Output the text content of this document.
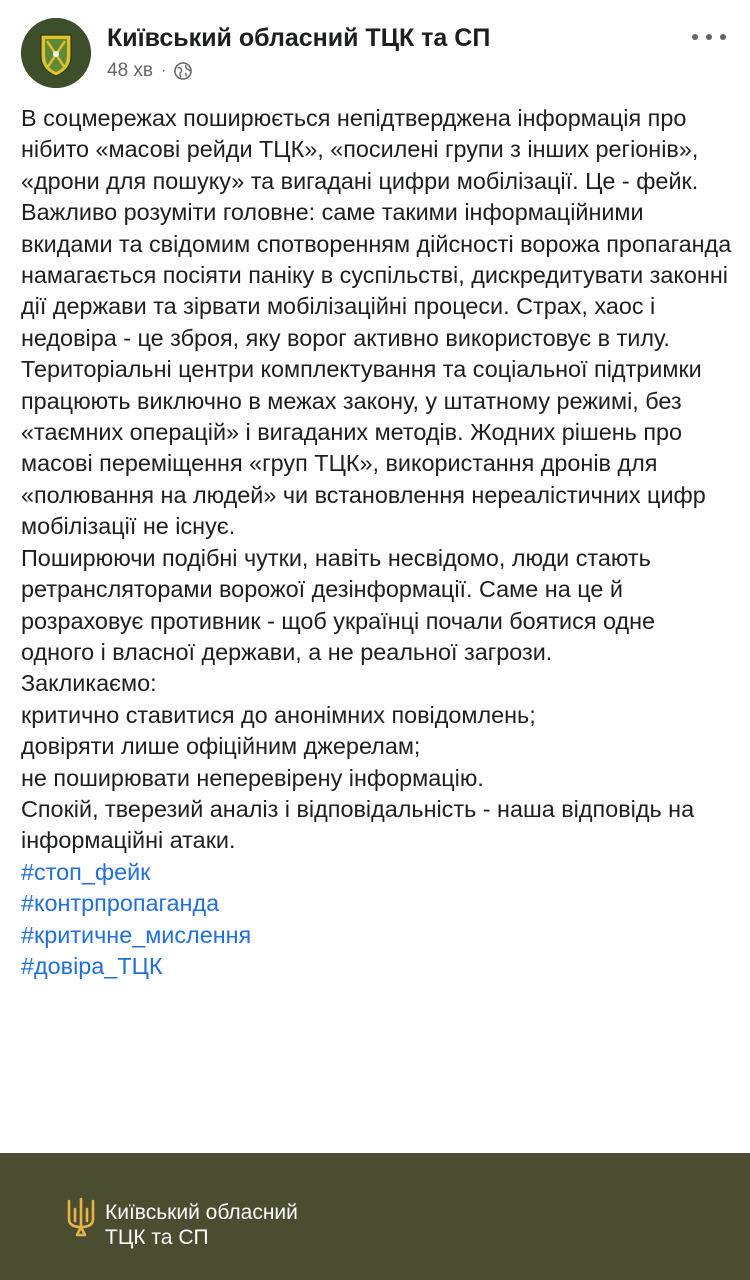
Київський обласний ТЦК та СП
48 хв ·

В соцмережах поширюється непідтверджена інформація про нібито «масові рейди ТЦК», «посилені групи з інших регіонів», «дрони для пошуку» та вигадані цифри мобілізації. Це - фейк.

Важливо розуміти головне: саме такими інформаційними вкидами та свідомим спотворенням дійсності ворожа пропаганда намагається посіяти паніку в суспільстві, дискредитувати законні дії держави та зірвати мобілізаційні процеси. Страх, хаос і недовіра - це зброя, яку ворог активно використовує в тилу.

Територіальні центри комплектування та соціальної підтримки працюють виключно в межах закону, у штатному режимі, без «таємних операцій» і вигаданих методів. Жодних рішень про масові переміщення «груп ТЦК», використання дронів для «полювання на людей» чи встановлення нереалістичних цифр мобілізації не існує.

Поширюючи подібні чутки, навіть несвідомо, люди стають ретрансляторами ворожої дезінформації. Саме на це й розраховує противник - щоб українці почали боятися одне одного і власної держави, а не реальної загрози.

Закликаємо:

критично ставитися до анонімних повідомлень;

довіряти лише офіційним джерелам;

не поширювати неперевірену інформацію.

Спокій, тверезий аналіз і відповідальність - наша відповідь на інформаційні атаки.

#стоп_фейк
#контрпропаганда
#критичне_мислення
#довіра_ТЦК
Київський обласний
ТЦК та СП
